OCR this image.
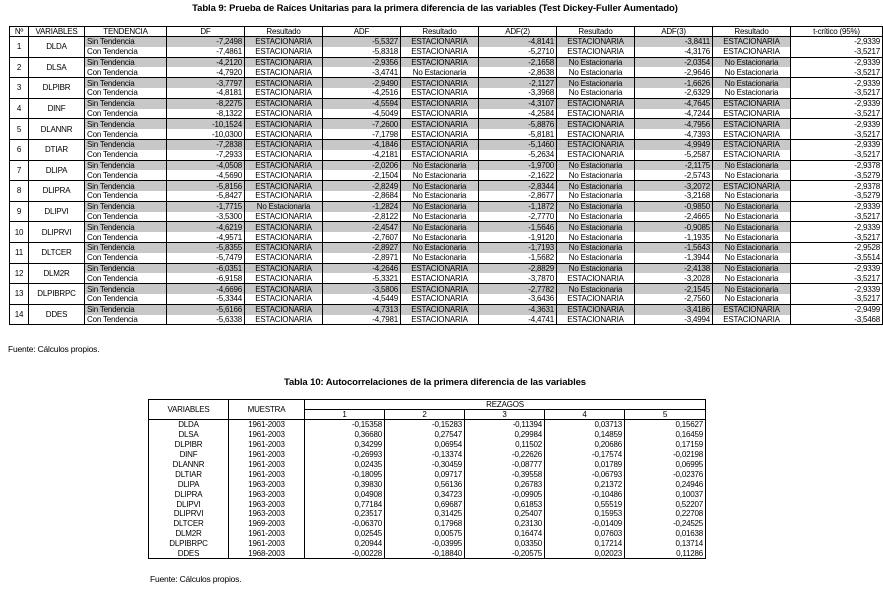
Tabla 9: Prueba de Raíces Unitarias para la primera diferencia de las variables (Test Dickey-Fuller Aumentado)
Nº	VARIABLES	TENDENCIA	DF	Resultado	ADF	Resultado	ADF(2)	Resultado	ADF(3)	Resultado	t-crítico (95%)
1	DLDA	Sin Tendencia	-7,2498	ESTACIONARIA	-5,5327	ESTACIONARIA	-4,8141	ESTACIONARIA	-3,8411	ESTACIONARIA	-2,9339
		Con Tendencia	-7,4861	ESTACIONARIA	-5,8318	ESTACIONARIA	-5,2710	ESTACIONARIA	-4,3176	ESTACIONARIA	-3,5217
2	DLSA	Sin Tendencia	-4,2120	ESTACIONARIA	-2,9356	ESTACIONARIA	-2,1658	No Estacionaria	-2,0354	No Estacionaria	-2,9339
		Con Tendencia	-4,7920	ESTACIONARIA	-3,4741	No Estacionaria	-2,8638	No Estacionaria	-2,9646	No Estacionaria	-3,5217
3	DLPIBR	Sin Tendencia	-3,7797	ESTACIONARIA	-2,9490	ESTACIONARIA	-2,1127	No Estacionaria	-1,6626	No Estacionaria	-2,9339
		Con Tendencia	-4,8181	ESTACIONARIA	-4,2516	ESTACIONARIA	-3,3968	No Estacionaria	-2,6329	No Estacionaria	-3,5217
4	DINF	Sin Tendencia	-8,2275	ESTACIONARIA	-4,5594	ESTACIONARIA	-4,3107	ESTACIONARIA	-4,7645	ESTACIONARIA	-2,9339
		Con Tendencia	-8,1322	ESTACIONARIA	-4,5049	ESTACIONARIA	-4,2584	ESTACIONARIA	-4,7244	ESTACIONARIA	-3,5217
5	DLANNR	Sin Tendencia	-10,1524	ESTACIONARIA	-7,2600	ESTACIONARIA	-5,8876	ESTACIONARIA	-4,7956	ESTACIONARIA	-2,9339
		Con Tendencia	-10,0300	ESTACIONARIA	-7,1798	ESTACIONARIA	-5,8181	ESTACIONARIA	-4,7393	ESTACIONARIA	-3,5217
6	DTIAR	Sin Tendencia	-7,2838	ESTACIONARIA	-4,1846	ESTACIONARIA	-5,1460	ESTACIONARIA	-4,9949	ESTACIONARIA	-2,9339
		Con Tendencia	-7,2933	ESTACIONARIA	-4,2181	ESTACIONARIA	-5,2634	ESTACIONARIA	-5,2587	ESTACIONARIA	-3,5217
7	DLIPA	Sin Tendencia	-4,0508	ESTACIONARIA	-2,0206	No Estacionaria	-1,9700	No Estacionaria	-2,1175	No Estacionaria	-2,9378
		Con Tendencia	-4,5690	ESTACIONARIA	-2,1504	No Estacionaria	-2,1622	No Estacionaria	-2,5743	No Estacionaria	-3,5279
8	DLIPRA	Sin Tendencia	-5,8156	ESTACIONARIA	-2,8249	No Estacionaria	-2,8344	No Estacionaria	-3,2072	ESTACIONARIA	-2,9378
		Con Tendencia	-5,8427	ESTACIONARIA	-2,8684	No Estacionaria	-2,8677	No Estacionaria	-3,2168	No Estacionaria	-3,5279
9	DLIPVI	Sin Tendencia	-1,7715	No Estacionaria	-1,2824	No Estacionaria	-1,1872	No Estacionaria	-0,9850	No Estacionaria	-2,9339
		Con Tendencia	-3,5300	ESTACIONARIA	-2,8122	No Estacionaria	-2,7770	No Estacionaria	-2,4665	No Estacionaria	-3,5217
10	DLIPRVI	Sin Tendencia	-4,6219	ESTACIONARIA	-2,4547	No Estacionaria	-1,5646	No Estacionaria	-0,9085	No Estacionaria	-2,9339
		Con Tendencia	-4,9571	ESTACIONARIA	-2,7607	No Estacionaria	-1,9120	No Estacionaria	-1,1935	No Estacionaria	-3,5217
11	DLTCER	Sin Tendencia	-5,8355	ESTACIONARIA	-2,8927	No Estacionaria	-1,7193	No Estacionaria	-1,5643	No Estacionaria	-2,9528
		Con Tendencia	-5,7479	ESTACIONARIA	-2,8971	No Estacionaria	-1,5682	No Estacionaria	-1,3944	No Estacionaria	-3,5514
12	DLM2R	Sin Tendencia	-6,0351	ESTACIONARIA	-4,2646	ESTACIONARIA	-2,8829	No Estacionaria	-2,4138	No Estacionaria	-2,9339
		Con Tendencia	-6,9158	ESTACIONARIA	-5,3321	ESTACIONARIA	-3,7870	ESTACIONARIA	-3,2028	No Estacionaria	-3,5217
13	DLPIBRPC	Sin Tendencia	-4,6696	ESTACIONARIA	-3,5806	ESTACIONARIA	-2,7782	No Estacionaria	-2,1545	No Estacionaria	-2,9339
		Con Tendencia	-5,3344	ESTACIONARIA	-4,5449	ESTACIONARIA	-3,6436	ESTACIONARIA	-2,7560	No Estacionaria	-3,5217
14	DDES	Sin Tendencia	-5,6166	ESTACIONARIA	-4,7313	ESTACIONARIA	-4,3631	ESTACIONARIA	-3,4186	ESTACIONARIA	-2,9499
		Con Tendencia	-5,6338	ESTACIONARIA	-4,7981	ESTACIONARIA	-4,4741	ESTACIONARIA	-3,4994	ESTACIONARIA	-3,5468
Fuente: Cálculos propios.
Tabla 10: Autocorrelaciones de la primera diferencia de las variables
VARIABLES	MUESTRA	REZAGOS				
		1	2	3	4	5
DLDA	1961-2003	-0,15358	-0,15283	-0,11394	0,03713	0,15627
DLSA	1961-2003	0,36680	0,27547	0,29984	0,14859	0,16459
DLPIBR	1961-2003	0,34299	0,06954	0,11502	0,20686	0,17159
DINF	1961-2003	-0,26993	-0,13374	-0,22626	-0,17574	-0,02198
DLANNR	1961-2003	0,02435	-0,30459	-0,08777	0,01789	0,06995
DLTIAR	1961-2003	-0,18095	0,09717	-0,39558	-0,06793	-0,02376
DLIPA	1963-2003	0,39830	0,56136	0,26783	0,21372	0,24946
DLIPRA	1963-2003	0,04908	0,34723	-0,09905	-0,10486	0,10037
DLIPVI	1963-2003	0,77184	0,69687	0,61853	0,55519	0,52207
DLIPRVI	1963-2003	0,23517	0,31425	0,25407	0,15953	0,22708
DLTCER	1969-2003	-0,06370	0,17968	0,23130	-0,01409	-0,24525
DLM2R	1961-2003	0,02545	0,00575	0,16474	0,07603	0,01638
DLPIBRPC	1961-2003	0,20944	-0,03995	0,03350	0,17214	0,13714
DDES	1968-2003	-0,00228	-0,18840	-0,20575	0,02023	0,11286
Fuente: Cálculos propios.
